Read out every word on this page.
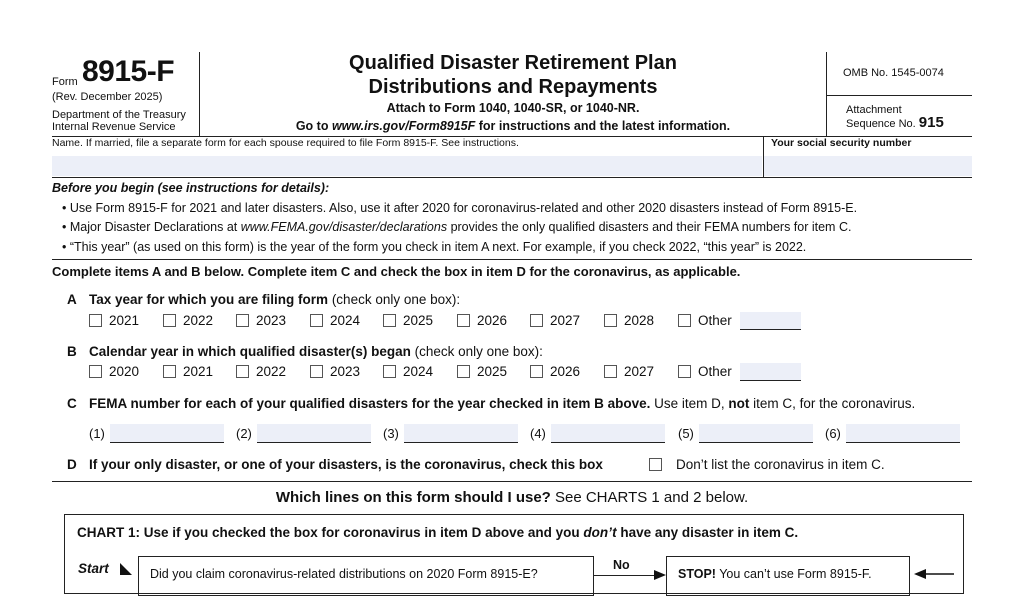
Form 8915-F
(Rev. December 2025)
Department of the Treasury
Internal Revenue Service
Qualified Disaster Retirement Plan
Distributions and Repayments
Attach to Form 1040, 1040-SR, or 1040-NR.
Go to www.irs.gov/Form8915F for instructions and the latest information.
OMB No. 1545-0074
Attachment
Sequence No. 915
Name. If married, file a separate form for each spouse required to file Form 8915-F. See instructions.	Your social security number
Before you begin (see instructions for details):
• Use Form 8915-F for 2021 and later disasters. Also, use it after 2020 for coronavirus-related and other 2020 disasters instead of Form 8915-E.
• Major Disaster Declarations at www.FEMA.gov/disaster/declarations provides the only qualified disasters and their FEMA numbers for item C.
• “This year” (as used on this form) is the year of the form you check in item A next. For example, if you check 2022, “this year” is 2022.
Complete items A and B below. Complete item C and check the box in item D for the coronavirus, as applicable.
A Tax year for which you are filing form (check only one box):
2021	2022	2023	2024	2025	2026	2027	2028	Other
B Calendar year in which qualified disaster(s) began (check only one box):
2020	2021	2022	2023	2024	2025	2026	2027	Other
C FEMA number for each of your qualified disasters for the year checked in item B above. Use item D, not item C, for the coronavirus.
(1)	(2)	(3)	(4)	(5)	(6)
D If your only disaster, or one of your disasters, is the coronavirus, check this box	Don’t list the coronavirus in item C.
Which lines on this form should I use? See CHARTS 1 and 2 below.
CHART 1: Use if you checked the box for coronavirus in item D above and you don’t have any disaster in item C.
Start	Did you claim coronavirus-related distributions on 2020 Form 8915-E?
No
STOP! You can’t use Form 8915-F.
